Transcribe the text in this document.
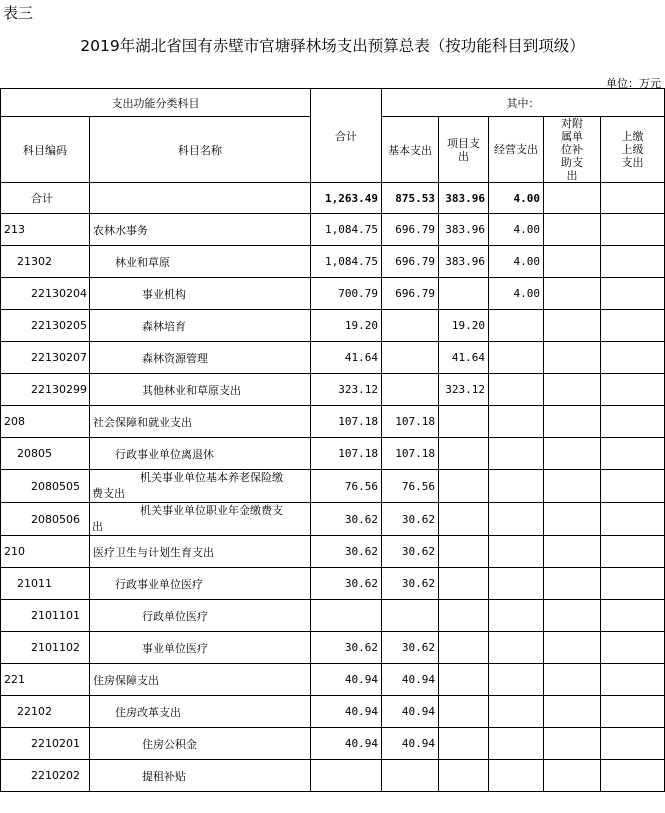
表三
2019年湖北省国有赤壁市官塘驿林场支出预算总表（按功能科目到项级）
单位：万元
支出功能分类科目		合计	其中：				
科目编码	科目名称		基本支出	项目支出	经营支出	对附属单位补助支出	上缴上级支出

合计		1,263.49	875.53	383.96	4.00		
213	农林水事务	1,084.75	696.79	383.96	4.00		
21302	林业和草原	1,084.75	696.79	383.96	4.00		
22130204	事业机构	700.79	696.79		4.00		
22130205	森林培育	19.20		19.20			
22130207	森林资源管理	41.64		41.64			
22130299	其他林业和草原支出	323.12		323.12			
208	社会保障和就业支出	107.18	107.18				
20805	行政事业单位离退休	107.18	107.18				
2080505	机关事业单位基本养老保险缴
费支出	76.56	76.56				
2080506	机关事业单位职业年金缴费支
出	30.62	30.62				
210	医疗卫生与计划生育支出	30.62	30.62				
21011	行政事业单位医疗	30.62	30.62				
2101101	行政单位医疗						
2101102	事业单位医疗	30.62	30.62				
221	住房保障支出	40.94	40.94				
22102	住房改革支出	40.94	40.94				
2210201	住房公积金	40.94	40.94				
2210202	提租补贴						
